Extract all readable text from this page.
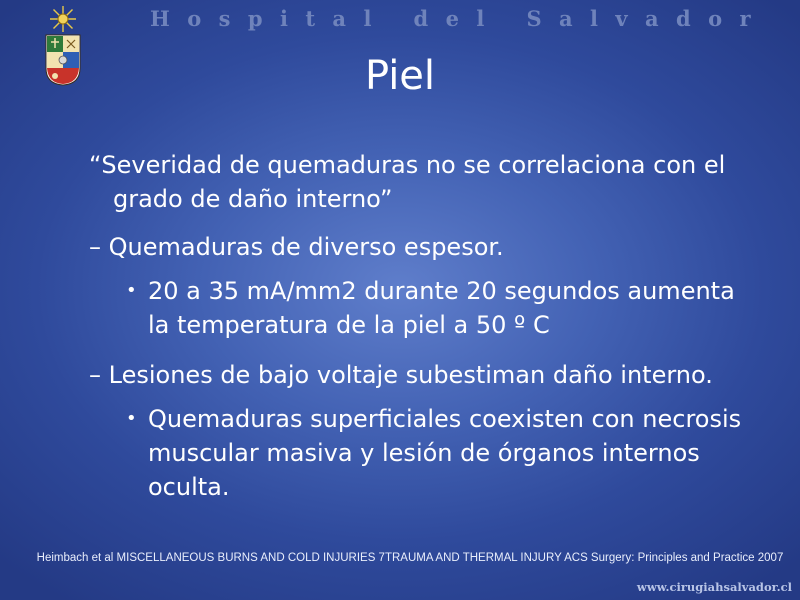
Hospital del Salvador
Piel
“Severidad de quemaduras no se correlaciona con el grado de daño interno”
– Quemaduras de diverso espesor.
• 20 a 35 mA/mm2 durante 20 segundos aumenta la temperatura de la piel a 50 º C
– Lesiones de bajo voltaje subestiman daño interno.
• Quemaduras superficiales coexisten con necrosis muscular masiva y lesión de órganos internos oculta.
Heimbach et al MISCELLANEOUS BURNS AND COLD INJURIES 7TRAUMA AND THERMAL INJURY ACS Surgery: Principles and Practice 2007
www.cirugiahsalvador.cl
